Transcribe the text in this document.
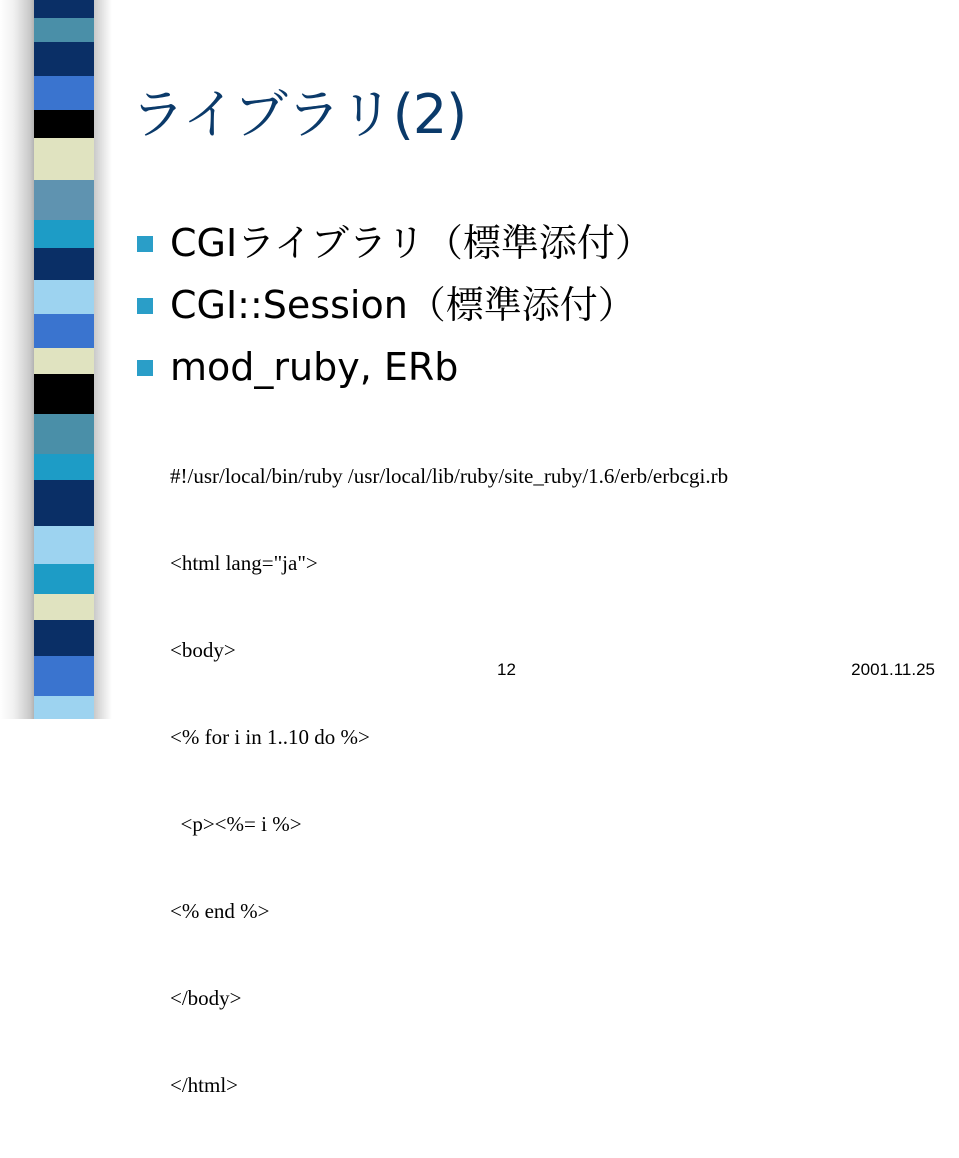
ライブラリ(2)
CGIライブラリ（標準添付）
CGI::Session（標準添付）
mod_ruby, ERb

#!/usr/local/bin/ruby /usr/local/lib/ruby/site_ruby/1.6/erb/erbcgi.rb

<html lang="ja">

<body>

<% for i in 1..10 do %>

<p><%= i %>

<% end %>

</body>

</html>

12	2001.11.25
